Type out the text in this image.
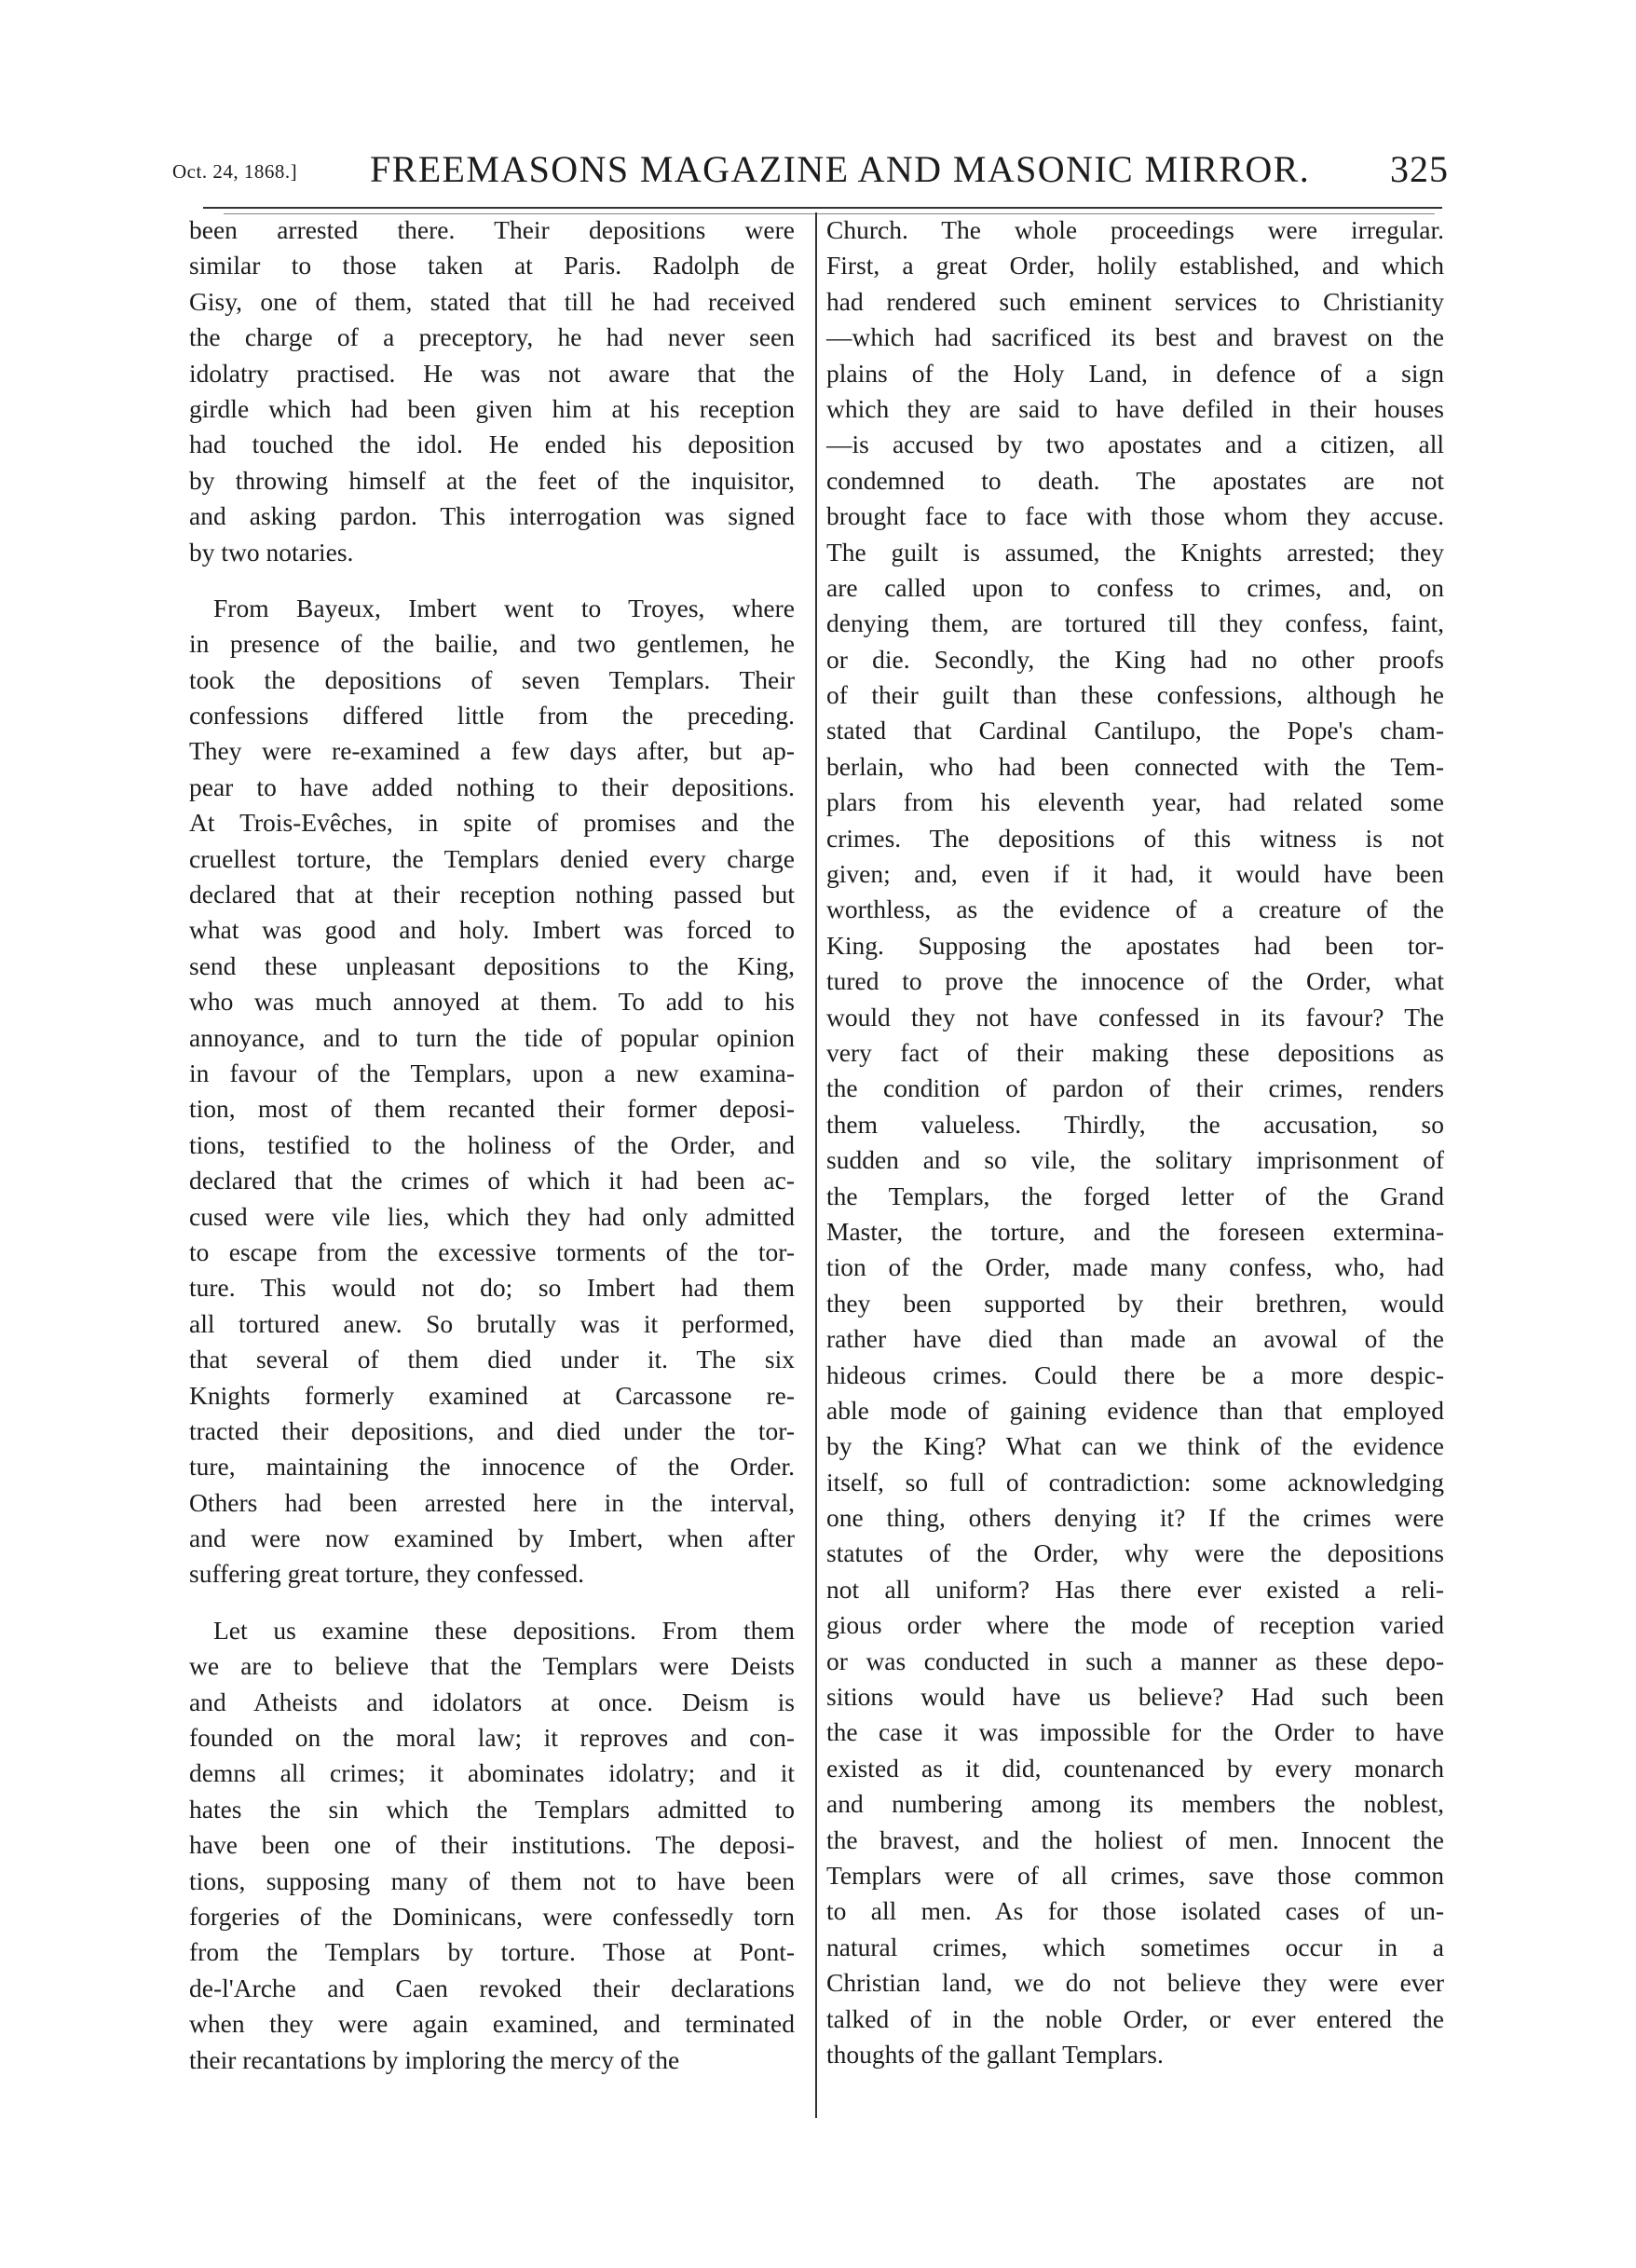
Oct. 24, 1868.] FREEMASONS MAGAZINE AND MASONIC MIRROR. 325
been arrested there. Their depositions were
similar to those taken at Paris. Radolph de
Gisy, one of them, stated that till he had received
the charge of a preceptory, he had never seen
idolatry practised. He was not aware that the
girdle which had been given him at his reception
had touched the idol. He ended his deposition
by throwing himself at the feet of the inquisitor,
and asking pardon. This interrogation was signed
by two notaries.
From Bayeux, Imbert went to Troyes, where
in presence of the bailie, and two gentlemen, he
took the depositions of seven Templars. Their
confessions differed little from the preceding.
They were re-examined a few days after, but ap-
pear to have added nothing to their depositions.
At Trois-Evêches, in spite of promises and the
cruellest torture, the Templars denied every charge
declared that at their reception nothing passed but
what was good and holy. Imbert was forced to
send these unpleasant depositions to the King,
who was much annoyed at them. To add to his
annoyance, and to turn the tide of popular opinion
in favour of the Templars, upon a new examina-
tion, most of them recanted their former deposi-
tions, testified to the holiness of the Order, and
declared that the crimes of which it had been ac-
cused were vile lies, which they had only admitted
to escape from the excessive torments of the tor-
ture. This would not do; so Imbert had them
all tortured anew. So brutally was it performed,
that several of them died under it. The six
Knights formerly examined at Carcassone re-
tracted their depositions, and died under the tor-
ture, maintaining the innocence of the Order.
Others had been arrested here in the interval,
and were now examined by Imbert, when after
suffering great torture, they confessed.
Let us examine these depositions. From them
we are to believe that the Templars were Deists
and Atheists and idolators at once. Deism is
founded on the moral law; it reproves and con-
demns all crimes; it abominates idolatry; and it
hates the sin which the Templars admitted to
have been one of their institutions. The deposi-
tions, supposing many of them not to have been
forgeries of the Dominicans, were confessedly torn
from the Templars by torture. Those at Pont-
de-l'Arche and Caen revoked their declarations
when they were again examined, and terminated
their recantations by imploring the mercy of the
Church. The whole proceedings were irregular.
First, a great Order, holily established, and which
had rendered such eminent services to Christianity
—which had sacrificed its best and bravest on the
plains of the Holy Land, in defence of a sign
which they are said to have defiled in their houses
—is accused by two apostates and a citizen, all
condemned to death. The apostates are not
brought face to face with those whom they accuse.
The guilt is assumed, the Knights arrested; they
are called upon to confess to crimes, and, on
denying them, are tortured till they confess, faint,
or die. Secondly, the King had no other proofs
of their guilt than these confessions, although he
stated that Cardinal Cantilupo, the Pope's cham-
berlain, who had been connected with the Tem-
plars from his eleventh year, had related some
crimes. The depositions of this witness is not
given; and, even if it had, it would have been
worthless, as the evidence of a creature of the
King. Supposing the apostates had been tor-
tured to prove the innocence of the Order, what
would they not have confessed in its favour? The
very fact of their making these depositions as
the condition of pardon of their crimes, renders
them valueless. Thirdly, the accusation, so
sudden and so vile, the solitary imprisonment of
the Templars, the forged letter of the Grand
Master, the torture, and the foreseen extermina-
tion of the Order, made many confess, who, had
they been supported by their brethren, would
rather have died than made an avowal of the
hideous crimes. Could there be a more despic-
able mode of gaining evidence than that employed
by the King? What can we think of the evidence
itself, so full of contradiction: some acknowledging
one thing, others denying it? If the crimes were
statutes of the Order, why were the depositions
not all uniform? Has there ever existed a reli-
gious order where the mode of reception varied
or was conducted in such a manner as these depo-
sitions would have us believe? Had such been
the case it was impossible for the Order to have
existed as it did, countenanced by every monarch
and numbering among its members the noblest,
the bravest, and the holiest of men. Innocent the
Templars were of all crimes, save those common
to all men. As for those isolated cases of un-
natural crimes, which sometimes occur in a
Christian land, we do not believe they were ever
talked of in the noble Order, or ever entered the
thoughts of the gallant Templars.
